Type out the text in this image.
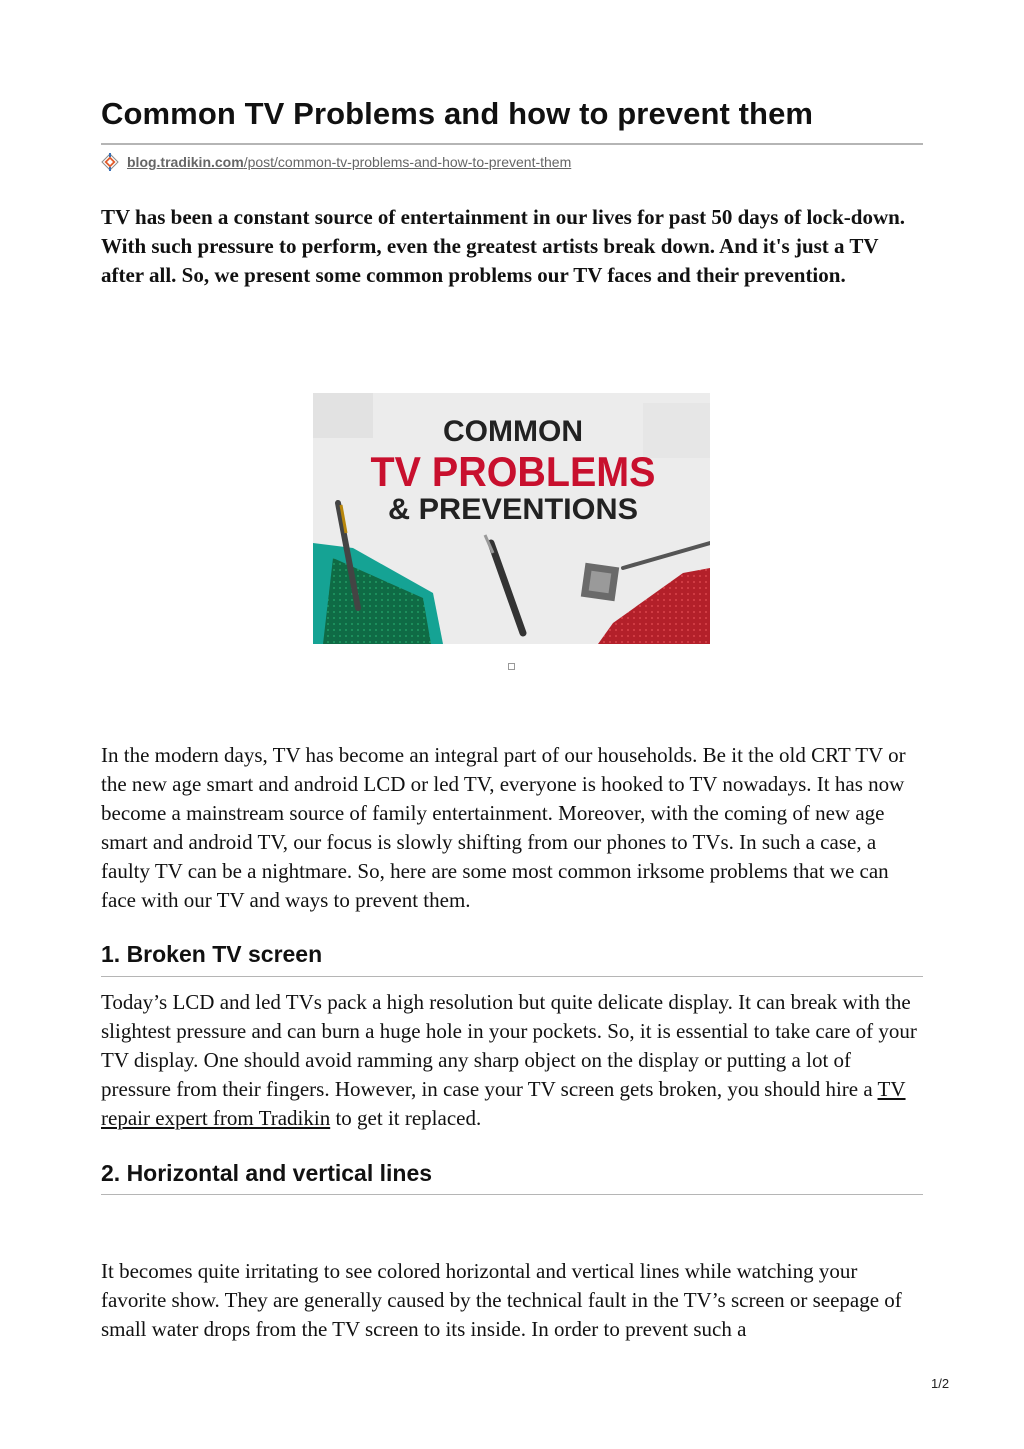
Common TV Problems and how to prevent them
blog.tradikin.com /post/common-tv-problems-and-how-to-prevent-them

TV has been a constant source of entertainment in our lives for past 50 days of lock-down. With such pressure to perform, even the greatest artists break down. And it's just a TV after all. So, we present some common problems our TV faces and their prevention.

COMMON
TV PROBLEMS
& PREVENTIONS

In the modern days, TV has become an integral part of our households. Be it the old CRT TV or the new age smart and android LCD or led TV, everyone is hooked to TV nowadays. It has now become a mainstream source of family entertainment. Moreover, with the coming of new age smart and android TV, our focus is slowly shifting from our phones to TVs. In such a case, a faulty TV can be a nightmare. So, here are some most common irksome problems that we can face with our TV and ways to prevent them.

1. Broken TV screen

Today’s LCD and led TVs pack a high resolution but quite delicate display. It can break with the slightest pressure and can burn a huge hole in your pockets. So, it is essential to take care of your TV display. One should avoid ramming any sharp object on the display or putting a lot of pressure from their fingers. However, in case your TV screen gets broken, you should hire a TV repair expert from Tradikin to get it replaced.

2. Horizontal and vertical lines

It becomes quite irritating to see colored horizontal and vertical lines while watching your favorite show. They are generally caused by the technical fault in the TV’s screen or seepage of small water drops from the TV screen to its inside. In order to prevent such a

1/2
